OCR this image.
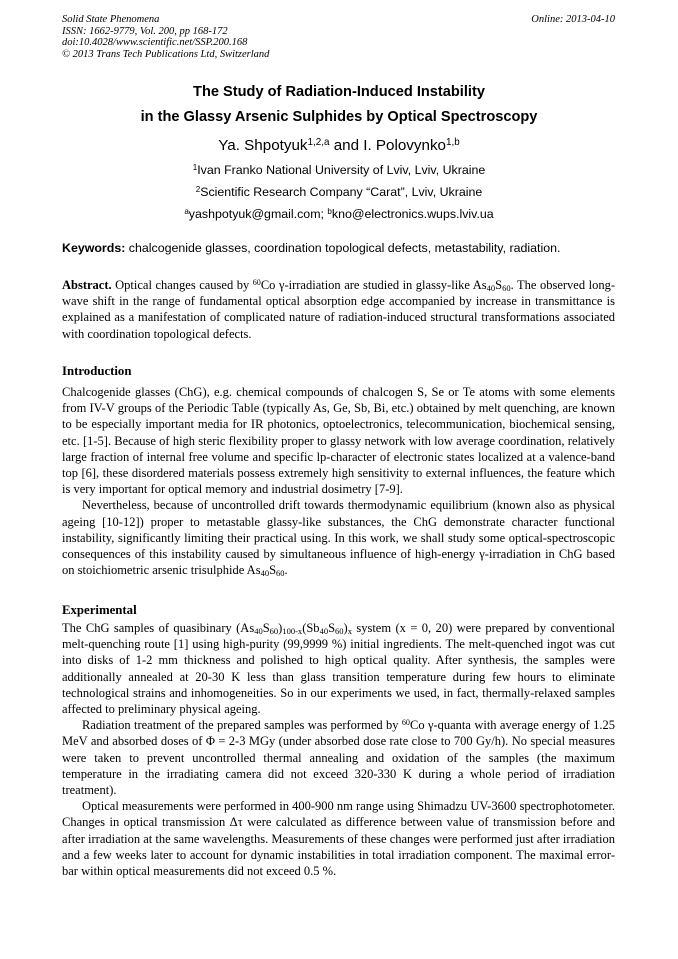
Solid State Phenomena
ISSN: 1662-9779, Vol. 200, pp 168-172
doi:10.4028/www.scientific.net/SSP.200.168
© 2013 Trans Tech Publications Ltd, Switzerland
Online: 2013-04-10
The Study of Radiation-Induced Instability
in the Glassy Arsenic Sulphides by Optical Spectroscopy
Ya. Shpotyuk$^{1,2,a}$ and I. Polovynko$^{1,b}$
$^1$Ivan Franko National University of Lviv, Lviv, Ukraine
$^2$Scientific Research Company “Carat”, Lviv, Ukraine
$^a$yashpotyuk@gmail.com; $^b$kno@electronics.wups.lviv.ua
Keywords: chalcogenide glasses, coordination topological defects, metastability, radiation.
Abstract. Optical changes caused by $^{60}$Co γ-irradiation are studied in glassy-like $As_{40}S_{60}$. The observed long-wave shift in the range of fundamental optical absorption edge accompanied by increase in transmittance is explained as a manifestation of complicated nature of radiation-induced structural transformations associated with coordination topological defects.
Introduction
Chalcogenide glasses (ChG), e.g. chemical compounds of chalcogen S, Se or Te atoms with some elements from IV-V groups of the Periodic Table (typically As, Ge, Sb, Bi, etc.) obtained by melt quenching, are known to be especially important media for IR photonics, optoelectronics, telecommunication, biochemical sensing, etc. [1-5]. Because of high steric flexibility proper to glassy network with low average coordination, relatively large fraction of internal free volume and specific lp-character of electronic states localized at a valence-band top [6], these disordered materials possess extremely high sensitivity to external influences, the feature which is very important for optical memory and industrial dosimetry [7-9].
Nevertheless, because of uncontrolled drift towards thermodynamic equilibrium (known also as physical ageing [10-12]) proper to metastable glassy-like substances, the ChG demonstrate character functional instability, significantly limiting their practical using. In this work, we shall study some optical-spectroscopic consequences of this instability caused by simultaneous influence of high-energy γ-irradiation in ChG based on stoichiometric arsenic trisulphide $As_{40}S_{60}$.
Experimental
The ChG samples of quasibinary $(As_{40}S_{60})_{100-x}(Sb_{40}S_{60})_x$ system (x = 0, 20) were prepared by conventional melt-quenching route [1] using high-purity (99,9999 %) initial ingredients. The melt-quenched ingot was cut into disks of 1-2 mm thickness and polished to high optical quality. After synthesis, the samples were additionally annealed at 20-30 K less than glass transition temperature during few hours to eliminate technological strains and inhomogeneities. So in our experiments we used, in fact, thermally-relaxed samples affected to preliminary physical ageing.
Radiation treatment of the prepared samples was performed by $^{60}$Co γ-quanta with average energy of 1.25 MeV and absorbed doses of Φ = 2-3 MGy (under absorbed dose rate close to 700 Gy/h). No special measures were taken to prevent uncontrolled thermal annealing and oxidation of the samples (the maximum temperature in the irradiating camera did not exceed 320-330 K during a whole period of irradiation treatment).
Optical measurements were performed in 400-900 nm range using Shimadzu UV-3600 spectrophotometer. Changes in optical transmission Δτ were calculated as difference between value of transmission before and after irradiation at the same wavelengths. Measurements of these changes were performed just after irradiation and a few weeks later to account for dynamic instabilities in total irradiation component. The maximal error-bar within optical measurements did not exceed 0.5 %.
